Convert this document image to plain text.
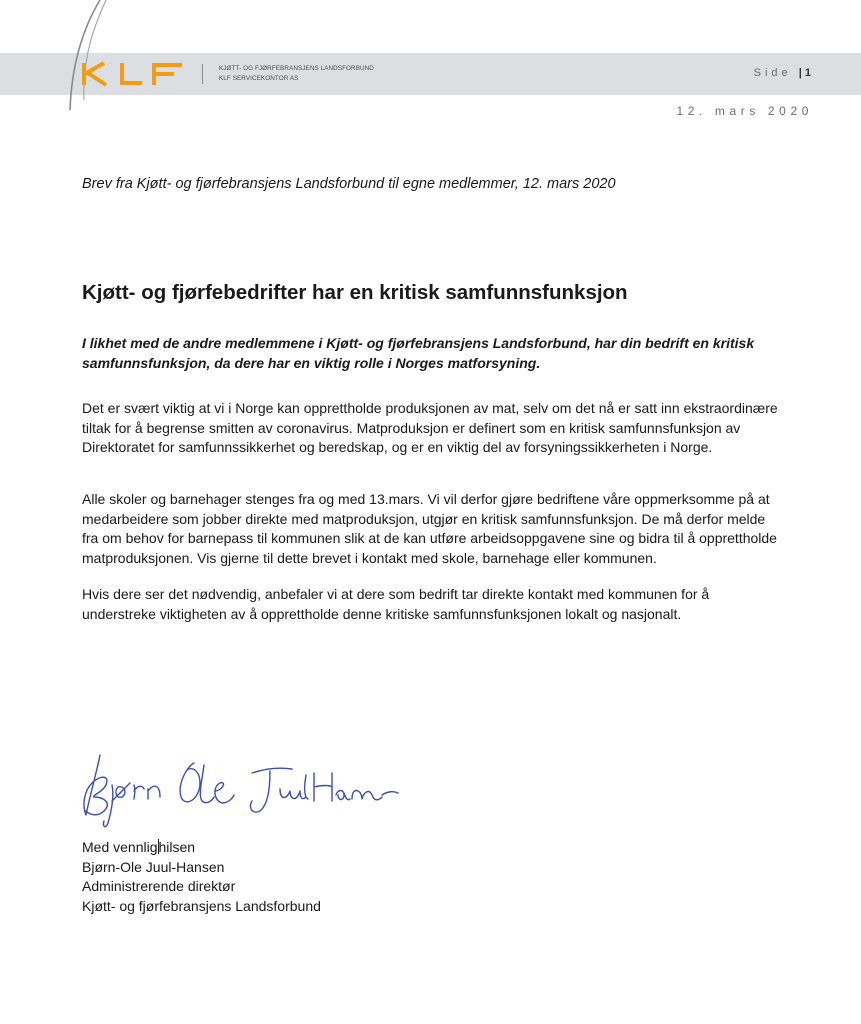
KLF
KJØTT- OG FJØRFEBRANSJENS LANDSFORBUND
KLF SERVICEKONTOR AS	Side | 1
12. mars 2020
Brev fra Kjøtt- og fjørfebransjens Landsforbund til egne medlemmer, 12. mars 2020
Kjøtt- og fjørfebedrifter har en kritisk samfunnsfunksjon
I likhet med de andre medlemmene i Kjøtt- og fjørfebransjens Landsforbund, har din bedrift en kritisk samfunnsfunksjon, da dere har en viktig rolle i Norges matforsyning.

Det er svært viktig at vi i Norge kan opprettholde produksjonen av mat, selv om det nå er satt inn ekstraordinære tiltak for å begrense smitten av coronavirus. Matproduksjon er definert som en kritisk samfunnsfunksjon av Direktoratet for samfunnssikkerhet og beredskap, og er en viktig del av forsyningssikkerheten i Norge.

Alle skoler og barnehager stenges fra og med 13.mars. Vi vil derfor gjøre bedriftene våre oppmerksomme på at medarbeidere som jobber direkte med matproduksjon, utgjør en kritisk samfunnsfunksjon. De må derfor melde fra om behov for barnepass til kommunen slik at de kan utføre arbeidsoppgavene sine og bidra til å opprettholde matproduksjonen. Vis gjerne til dette brevet i kontakt med skole, barnehage eller kommunen.

Hvis dere ser det nødvendig, anbefaler vi at dere som bedrift tar direkte kontakt med kommunen for å understreke viktigheten av å opprettholde denne kritiske samfunnsfunksjonen lokalt og nasjonalt.

Med vennlighilsen
Bjørn-Ole Juul-Hansen
Administrerende direktør
Kjøtt- og fjørfebransjens Landsforbund
